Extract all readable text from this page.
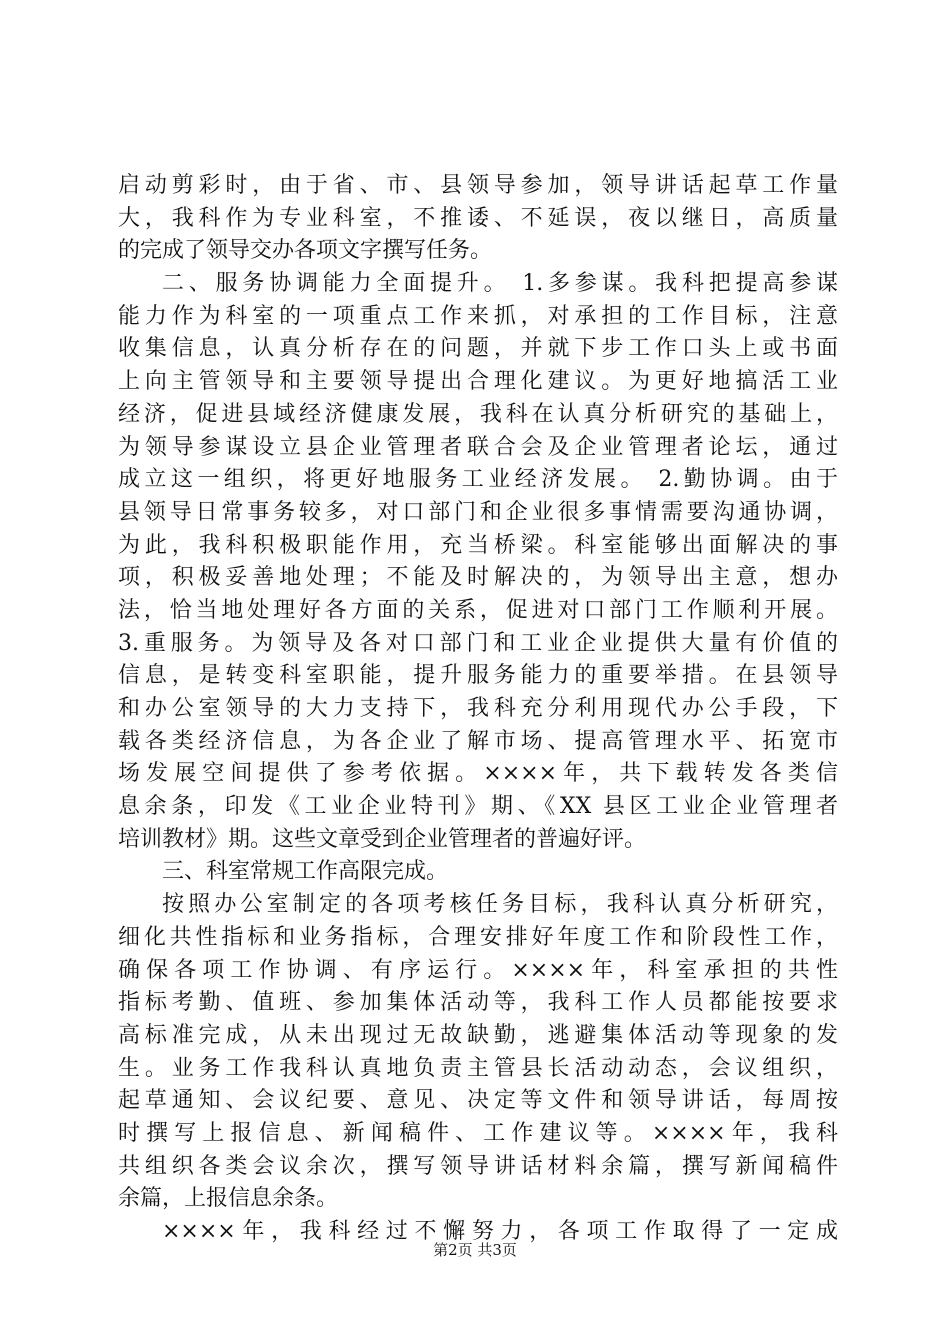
启动剪彩时，由于省、市、县领导参加，领导讲话起草工作量
大，我科作为专业科室，不推诿、不延误，夜以继日，高质量
的完成了领导交办各项文字撰写任务。
二、服务协调能力全面提升。 1.多参谋。我科把提高参谋
能力作为科室的一项重点工作来抓，对承担的工作目标，注意
收集信息，认真分析存在的问题，并就下步工作口头上或书面
上向主管领导和主要领导提出合理化建议。为更好地搞活工业
经济，促进县域经济健康发展，我科在认真分析研究的基础上，
为领导参谋设立县企业管理者联合会及企业管理者论坛，通过
成立这一组织，将更好地服务工业经济发展。 2.勤协调。由于
县领导日常事务较多，对口部门和企业很多事情需要沟通协调，
为此，我科积极职能作用，充当桥梁。科室能够出面解决的事
项，积极妥善地处理；不能及时解决的，为领导出主意，想办
法，恰当地处理好各方面的关系，促进对口部门工作顺利开展。
3.重服务。为领导及各对口部门和工业企业提供大量有价值的
信息，是转变科室职能，提升服务能力的重要举措。在县领导
和办公室领导的大力支持下，我科充分利用现代办公手段，下
载各类经济信息，为各企业了解市场、提高管理水平、拓宽市
场发展空间提供了参考依据。××××年，共下载转发各类信
息余条，印发《工业企业特刊》期、《XX 县区工业企业管理者
培训教材》期。这些文章受到企业管理者的普遍好评。
三、科室常规工作高限完成。
按照办公室制定的各项考核任务目标，我科认真分析研究，
细化共性指标和业务指标，合理安排好年度工作和阶段性工作，
确保各项工作协调、有序运行。××××年，科室承担的共性
指标考勤、值班、参加集体活动等，我科工作人员都能按要求
高标准完成，从未出现过无故缺勤，逃避集体活动等现象的发
生。业务工作我科认真地负责主管县长活动动态，会议组织，
起草通知、会议纪要、意见、决定等文件和领导讲话，每周按
时撰写上报信息、新闻稿件、工作建议等。××××年，我科
共组织各类会议余次，撰写领导讲话材料余篇，撰写新闻稿件
余篇，上报信息余条。
××××年，我科经过不懈努力，各项工作取得了一定成
第2页 共3页
